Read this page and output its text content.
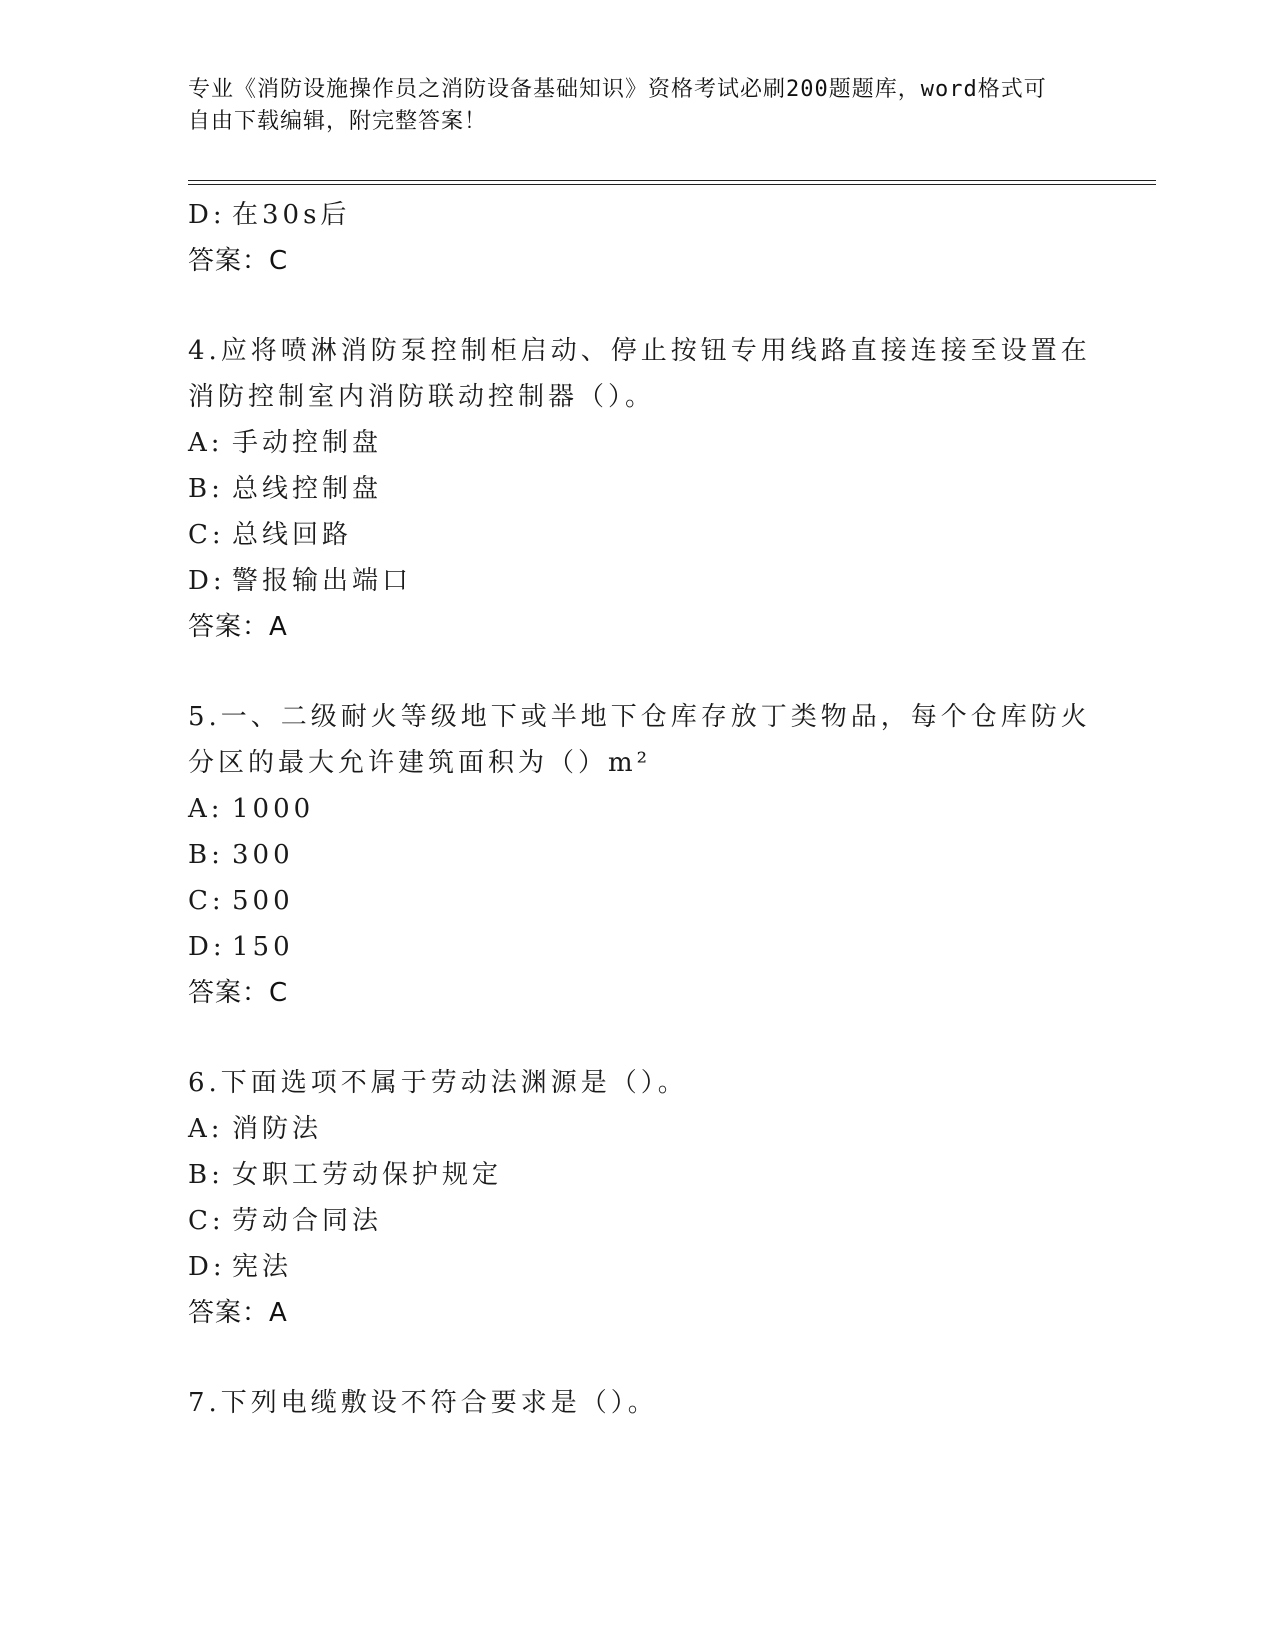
专业《消防设施操作员之消防设备基础知识》资格考试必刷200题题库，word格式可自由下载编辑，附完整答案！
D: 在30s后
答案：C
4.应将喷淋消防泵控制柜启动、停止按钮专用线路直接连接至设置在
消防控制室内消防联动控制器（）。
A: 手动控制盘
B: 总线控制盘
C: 总线回路
D: 警报输出端口
答案：A
5.一、二级耐火等级地下或半地下仓库存放丁类物品，每个仓库防火
分区的最大允许建筑面积为（）m²
A: 1000
B: 300
C: 500
D: 150
答案：C
6.下面选项不属于劳动法渊源是（）。
A: 消防法
B: 女职工劳动保护规定
C: 劳动合同法
D: 宪法
答案：A
7.下列电缆敷设不符合要求是（）。
